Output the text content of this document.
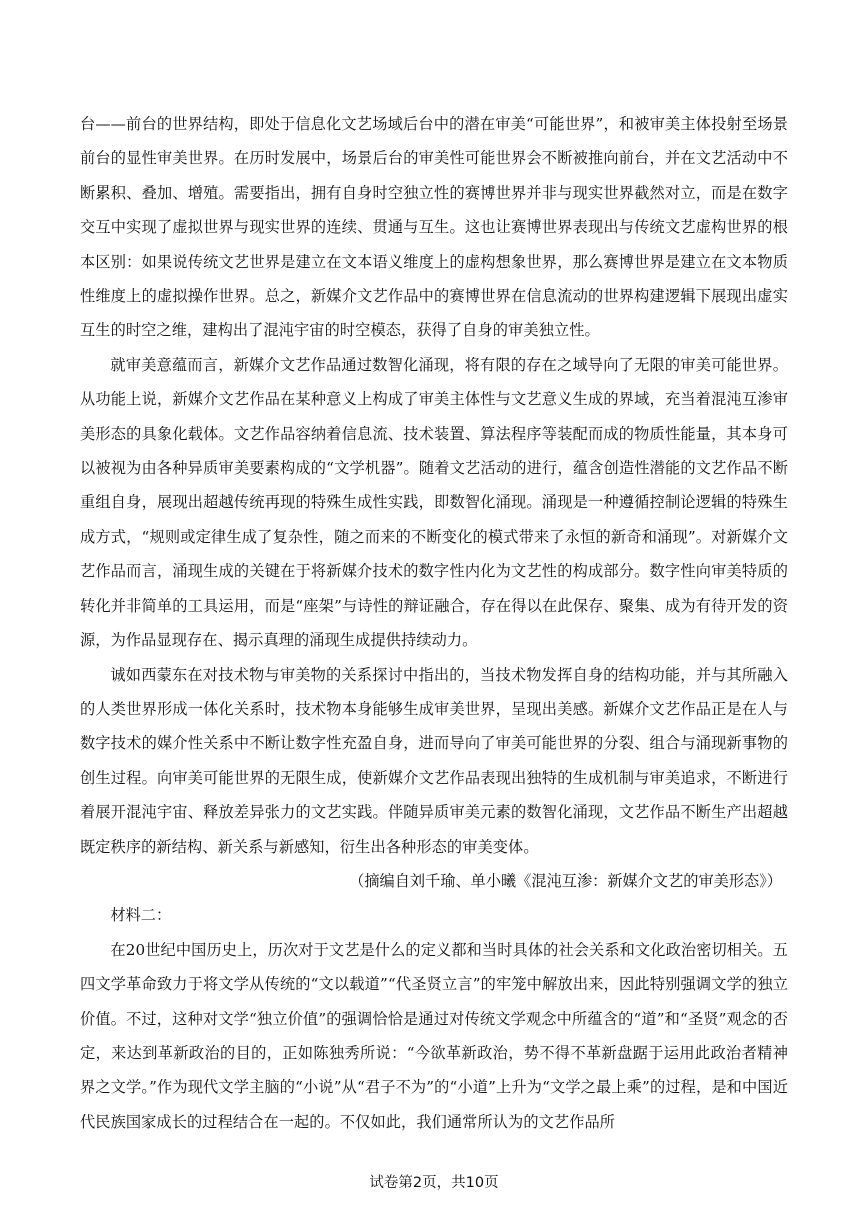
台——前台的世界结构，即处于信息化文艺场域后台中的潜在审美“可能世界”，和被审美主体投射至场景前台的显性审美世界。在历时发展中，场景后台的审美性可能世界会不断被推向前台，并在文艺活动中不断累积、叠加、增殖。需要指出，拥有自身时空独立性的赛博世界并非与现实世界截然对立，而是在数字交互中实现了虚拟世界与现实世界的连续、贯通与互生。这也让赛博世界表现出与传统文艺虚构世界的根本区别：如果说传统文艺世界是建立在文本语义维度上的虚构想象世界，那么赛博世界是建立在文本物质性维度上的虚拟操作世界。总之，新媒介文艺作品中的赛博世界在信息流动的世界构建逻辑下展现出虚实互生的时空之维，建构出了混沌宇宙的时空模态，获得了自身的审美独立性。

就审美意蕴而言，新媒介文艺作品通过数智化涌现，将有限的存在之域导向了无限的审美可能世界。从功能上说，新媒介文艺作品在某种意义上构成了审美主体性与文艺意义生成的界域，充当着混沌互渗审美形态的具象化载体。文艺作品容纳着信息流、技术装置、算法程序等装配而成的物质性能量，其本身可以被视为由各种异质审美要素构成的“文学机器”。随着文艺活动的进行，蕴含创造性潜能的文艺作品不断重组自身，展现出超越传统再现的特殊生成性实践，即数智化涌现。涌现是一种遵循控制论逻辑的特殊生成方式，“规则或定律生成了复杂性，随之而来的不断变化的模式带来了永恒的新奇和涌现”。对新媒介文艺作品而言，涌现生成的关键在于将新媒介技术的数字性内化为文艺性的构成部分。数字性向审美特质的转化并非简单的工具运用，而是“座架”与诗性的辩证融合，存在得以在此保存、聚集、成为有待开发的资源，为作品显现存在、揭示真理的涌现生成提供持续动力。

诚如西蒙东在对技术物与审美物的关系探讨中指出的，当技术物发挥自身的结构功能，并与其所融入的人类世界形成一体化关系时，技术物本身能够生成审美世界，呈现出美感。新媒介文艺作品正是在人与数字技术的媒介性关系中不断让数字性充盈自身，进而导向了审美可能世界的分裂、组合与涌现新事物的创生过程。向审美可能世界的无限生成，使新媒介文艺作品表现出独特的生成机制与审美追求，不断进行着展开混沌宇宙、释放差异张力的文艺实践。伴随异质审美元素的数智化涌现，文艺作品不断生产出超越既定秩序的新结构、新关系与新感知，衍生出各种形态的审美变体。

（摘编自刘千瑜、单小曦《混沌互渗：新媒介文艺的审美形态》）

材料二：

在20世纪中国历史上，历次对于文艺是什么的定义都和当时具体的社会关系和文化政治密切相关。五四文学革命致力于将文学从传统的“文以载道”“代圣贤立言”的牢笼中解放出来，因此特别强调文学的独立价值。不过，这种对文学“独立价值”的强调恰恰是通过对传统文学观念中所蕴含的“道”和“圣贤”观念的否定，来达到革新政治的目的，正如陈独秀所说：“今欲革新政治，势不得不革新盘踞于运用此政治者精神界之文学。”作为现代文学主脑的“小说”从“君子不为”的“小道”上升为“文学之最上乘”的过程，是和中国近代民族国家成长的过程结合在一起的。不仅如此，我们通常所认为的文艺作品所

试卷第2页，共10页
